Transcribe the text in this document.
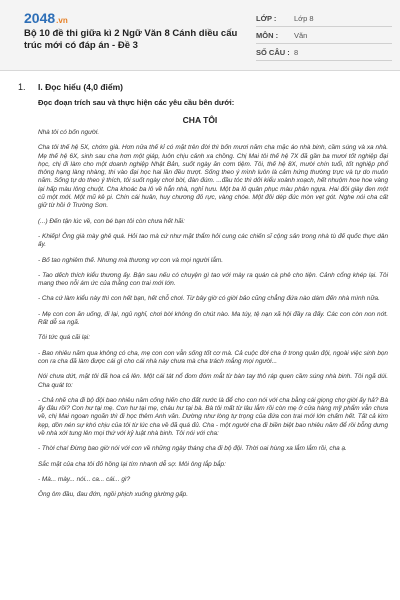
2048.vn
Bộ 10 đề thi giữa kì 2 Ngữ Văn 8 Cánh diều cấu trúc mới có đáp án - Đề 3
LỚP :	Lớp 8
MÔN :	Văn
SỐ CÂU : 8
1. I. Đọc hiểu (4,0 điểm)
Đọc đoạn trích sau và thực hiện các yêu cầu bên dưới:
CHA TÔI

Nhà tôi có bốn người.

Cha tôi thế hệ 5X, chớm già. Hơn nửa thế kỉ có mặt trên đời thì bốn mươi năm cha mặc áo nhà binh, cầm súng và xa nhà. Mẹ thế hệ 6X, sinh sau cha hơn một giáp, luôn chịu cảnh xa chồng. Chị Mai tôi thế hệ 7X đã gần ba mươi tốt nghiệp đại học, chị đi làm cho một doanh nghiệp Nhật Bản, suốt ngày ăn cơm tiệm. Tôi, thế hệ 8X, mười chín tuổi, tốt nghiệp phổ thông hạng làng nhàng, thi vào đại học hai lần đều trượt. Sống theo ý mình luôn là cảm hứng thường trực và tự do muôn năm. Sống tự do theo ý thích, tôi suốt ngày chơi bời, đàn đúm. ...đầu tóc thì dởi kiểu xoành xoạch, hết nhuộm hoe hoe vàng lại hấp màu lông chuột. Cha khoác ba lô về hẳn nhà, nghỉ hưu. Một ba lô quân phục màu phân ngựa. Hai đôi giày đen một cũ một mới. Một mũ kê pi. Chín cái huân, huy chương đỏ rực, vàng chóe. Một đôi dép đúc mòn vẹt gót. Nghe nói cha cất giữ từ hồi ở Trường Sơn.

(...) Đến tận lúc về, con bé bạn tôi còn chưa hết hãi:

- Khiếp! Ông già mày ghê quá. Hỏi tao mà cứ như mặt thẩm hỏi cung các chiến sĩ cộng sản trong nhà tù đế quốc thực dân ấy.

- Bố tao nghiêm thế. Nhưng mà thương vợ con và mọi người lắm.

- Tao dếch thích kiểu thương ấy. Bận sau nếu có chuyện gì tao với mày ra quán cà phê cho tiện. Cảnh cổng khép lại. Tôi mang theo nỗi ám ức của thằng con trai mới lớn.

- Cha cứ làm kiểu này thì con hết bạn, hết chỗ chơi. Từ bây giờ có giời bảo cũng chẳng đứa nào dám đến nhà mình nữa.

- Mẹ con con ăn uống, đi lại, ngủ nghỉ, chơi bời không ốn chút nào. Ma túy, tệ nạn xã hội đầy ra đấy. Các con còn non nớt. Rất dễ sa ngã.

Tôi tức quá cãi lại:

- Bao nhiêu năm qua không có cha, mẹ con con vẫn sống tốt cơ mà. Cả cuộc đời cha ở trong quân đội, ngoài việc sinh bọn con ra cha đã làm được cái gì cho cái nhà này chưa mà cha trách mắng mọi người...

Nói chưa dứt, mặt tôi đã hoa cả lên. Một cái tát nổ đom đóm mắt từ bàn tay thô ráp quen cầm súng nhà binh. Tôi ngã dúi. Cha quát to:

- Chả nhẽ cha đi bộ đội bao nhiêu năm cống hiến cho đất nước là để cho con nói với cha bằng cái giọng chợ giời ấy hả? Bà ấy đâu rồi? Con hư tại mẹ. Con hư tại mẹ, cháu hư tại bà. Bà tôi mất từ lâu lắm rồi còn mẹ ở cửa hàng mỹ phẩm vẫn chưa về, chị Mai ngoan ngoãn thì đi học thêm Anh văn. Dường như lòng tự trọng của đứa con trai mới lớn chấm hết. Tất cả kìm kẹp, dồn nén sự khó chịu của tôi từ lúc cha về đã quá đủ. Cha - một người cha đi biền biệt bao nhiêu năm để rồi bỗng dưng về nhà xới tung lên mọi thứ với kỷ luật nhà binh. Tôi nói với cha:

- Thời cha! Đừng bao giờ nói với con về những ngày tháng cha đi bộ đội. Thời oai hùng xa lắm lắm rồi, cha ạ.

Sắc mặt của cha tôi đỏ hồng lại tím nhanh dễ sợ. Môi ông lắp bắp:

- Mà... mày... nói... ca... cái... gì?

Ông ôm đầu, đau đớn, ngồi phịch xuống giường gấp.
